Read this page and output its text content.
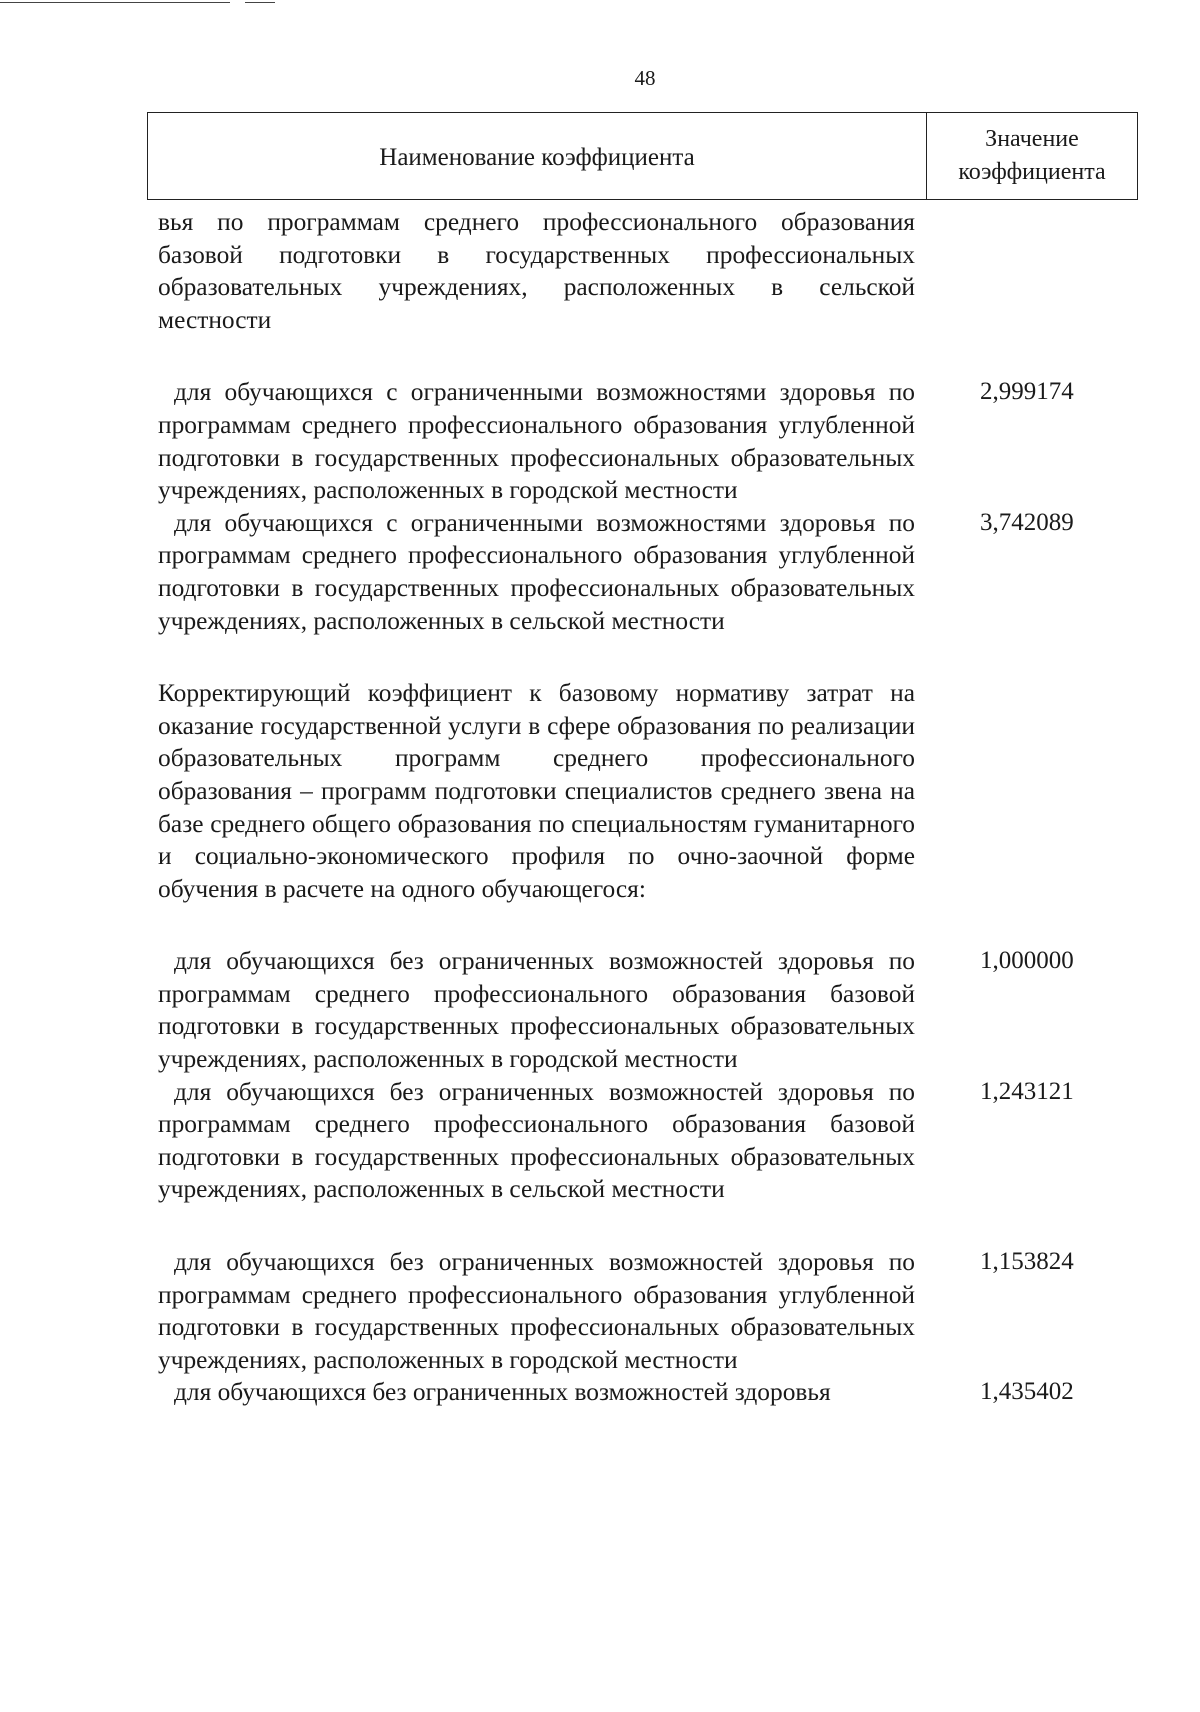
48
Наименование коэффициента
Значение
коэффициента

вья по программам среднего профессионального образования базовой подготовки в государственных профессиональных образовательных учреждениях, расположенных в сельской местности

для обучающихся с ограниченными возможностями здоровья по программам среднего профессионального образования углубленной подготовки в государственных профессиональных образовательных учреждениях, расположенных в городской местности

2,999174

для обучающихся с ограниченными возможностями здоровья по программам среднего профессионального образования углубленной подготовки в государственных профессиональных образовательных учреждениях, расположенных в сельской местности

3,742089

Корректирующий коэффициент к базовому нормативу затрат на оказание государственной услуги в сфере образования по реализации образовательных программ среднего профессионального образования – программ подготовки специалистов среднего звена на базе среднего общего образования по специальностям гуманитарного и социально-экономического профиля по очно-заочной форме обучения в расчете на одного обучающегося:

для обучающихся без ограниченных возможностей здоровья по программам среднего профессионального образования базовой подготовки в государственных профессиональных образовательных учреждениях, расположенных в городской местности

1,000000

для обучающихся без ограниченных возможностей здоровья по программам среднего профессионального образования базовой подготовки в государственных профессиональных образовательных учреждениях, расположенных в сельской местности

1,243121

для обучающихся без ограниченных возможностей здоровья по программам среднего профессионального образования углубленной подготовки в государственных профессиональных образовательных учреждениях, расположенных в городской местности

1,153824

для обучающихся без ограниченных возможностей здоровья	1,435402
